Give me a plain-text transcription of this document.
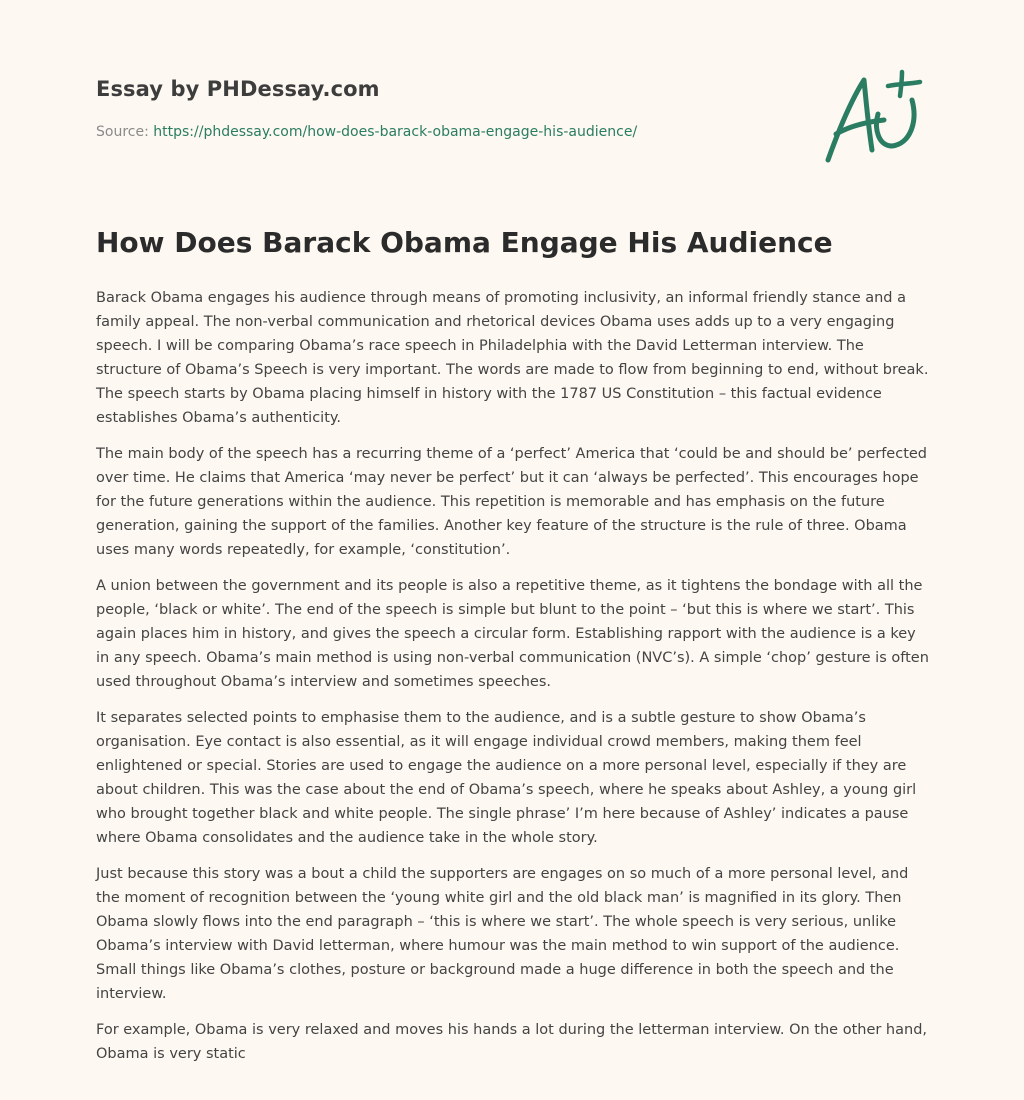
Essay by PHDessay.com
Source: https://phdessay.com/how-does-barack-obama-engage-his-audience/
How Does Barack Obama Engage His Audience

Barack Obama engages his audience through means of promoting inclusivity, an informal friendly stance and a family appeal. The non-verbal communication and rhetorical devices Obama uses adds up to a very engaging speech. I will be comparing Obama’s race speech in Philadelphia with the David Letterman interview. The structure of Obama’s Speech is very important. The words are made to flow from beginning to end, without break. The speech starts by Obama placing himself in history with the 1787 US Constitution – this factual evidence establishes Obama’s authenticity.

The main body of the speech has a recurring theme of a ‘perfect’ America that ‘could be and should be’ perfected over time. He claims that America ‘may never be perfect’ but it can ‘always be perfected’. This encourages hope for the future generations within the audience. This repetition is memorable and has emphasis on the future generation, gaining the support of the families. Another key feature of the structure is the rule of three. Obama uses many words repeatedly, for example, ‘constitution’.

A union between the government and its people is also a repetitive theme, as it tightens the bondage with all the people, ‘black or white’. The end of the speech is simple but blunt to the point – ‘but this is where we start’. This again places him in history, and gives the speech a circular form. Establishing rapport with the audience is a key in any speech. Obama’s main method is using non-verbal communication (NVC’s). A simple ‘chop’ gesture is often used throughout Obama’s interview and sometimes speeches.

It separates selected points to emphasise them to the audience, and is a subtle gesture to show Obama’s organisation. Eye contact is also essential, as it will engage individual crowd members, making them feel enlightened or special. Stories are used to engage the audience on a more personal level, especially if they are about children. This was the case about the end of Obama’s speech, where he speaks about Ashley, a young girl who brought together black and white people. The single phrase’ I’m here because of Ashley’ indicates a pause where Obama consolidates and the audience take in the whole story.

Just because this story was a bout a child the supporters are engages on so much of a more personal level, and the moment of recognition between the ‘young white girl and the old black man’ is magnified in its glory. Then Obama slowly flows into the end paragraph – ‘this is where we start’. The whole speech is very serious, unlike Obama’s interview with David letterman, where humour was the main method to win support of the audience. Small things like Obama’s clothes, posture or background made a huge difference in both the speech and the interview.

For example, Obama is very relaxed and moves his hands a lot during the letterman interview. On the other hand, Obama is very static
